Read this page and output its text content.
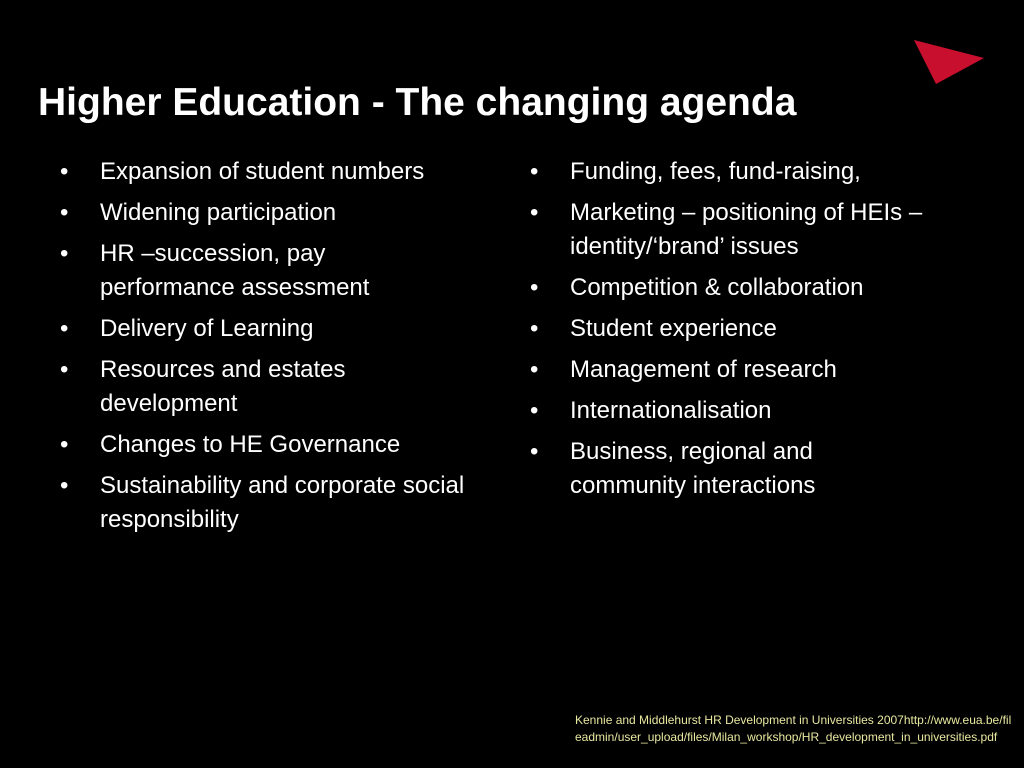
Higher Education - The changing agenda
• Expansion of student numbers
• Widening participation
• HR –succession, pay performance assessment
• Delivery of Learning
• Resources and estates development
• Changes to HE Governance
• Sustainability and corporate social responsibility
• Funding, fees, fund-raising,
• Marketing – positioning of HEIs –identity/‘brand’ issues
• Competition & collaboration
• Student experience
• Management of research
• Internationalisation
• Business, regional and community interactions

Kennie and Middlehurst HR Development in Universities 2007http://www.eua.be/fileadmin/user_upload/files/Milan_workshop/HR_development_in_universities.pdf
